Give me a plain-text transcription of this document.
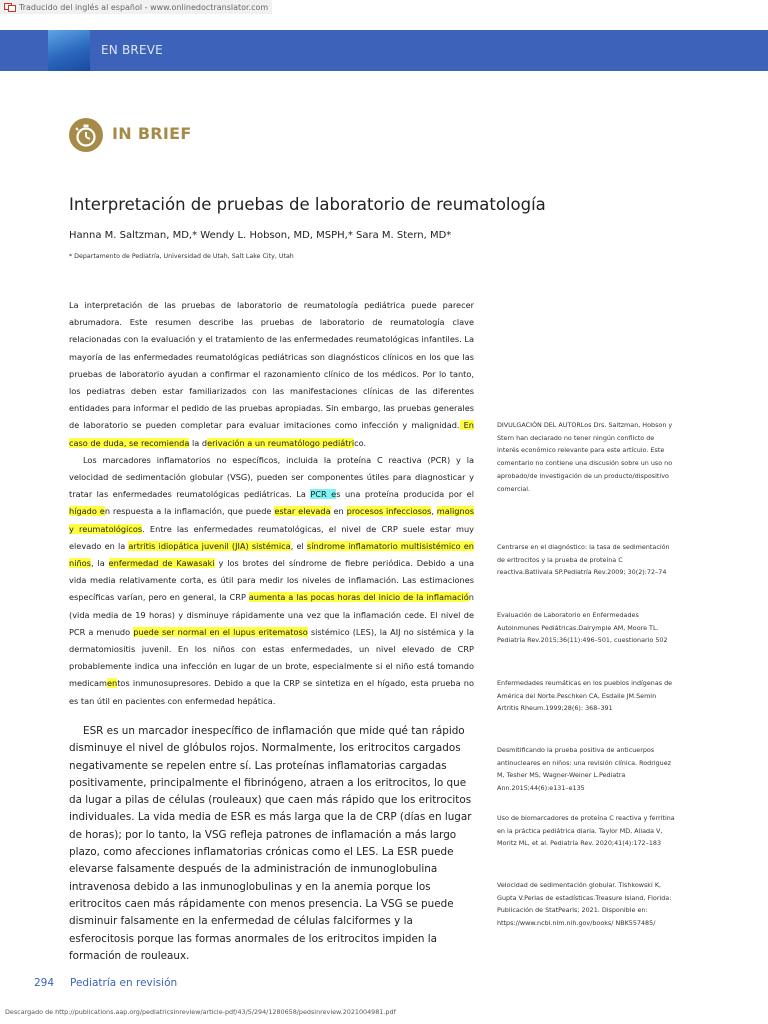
Traducido del inglés al español - www.onlinedoctranslator.com
EN BREVE
IN BRIEF
Interpretación de pruebas de laboratorio de reumatología
Hanna M. Saltzman, MD,* Wendy L. Hobson, MD, MSPH,* Sara M. Stern, MD*
* Departamento de Pediatría, Universidad de Utah, Salt Lake City, Utah

La interpretación de las pruebas de laboratorio de reumatología pediátrica puede parecer abrumadora. Este resumen describe las pruebas de laboratorio de reumatología clave relacionadas con la evaluación y el tratamiento de las enfermedades reumatológicas infantiles. La mayoría de las enfermedades reumatológicas pediátricas son diagnósticos clínicos en los que las pruebas de laboratorio ayudan a confirmar el razonamiento clínico de los médicos. Por lo tanto, los pediatras deben estar familiarizados con las manifestaciones clínicas de las diferentes entidades para informar el pedido de las pruebas apropiadas. Sin embargo, las pruebas generales de laboratorio se pueden completar para evaluar imitaciones como infección y malignidad. En caso de duda, se recomienda la derivación a un reumatólogo pediátrico.

Los marcadores inflamatorios no específicos, incluida la proteína C reactiva (PCR) y la velocidad de sedimentación globular (VSG), pueden ser componentes útiles para diagnosticar y tratar las enfermedades reumatológicas pediátricas. La PCR es una proteína producida por el hígado en respuesta a la inflamación, que puede estar elevada en procesos infecciosos, malignos y reumatológicos. Entre las enfermedades reumatológicas, el nivel de CRP suele estar muy elevado en la artritis idiopática juvenil (JIA) sistémica, el síndrome inflamatorio multisistémico en niños, la enfermedad de Kawasaki y los brotes del síndrome de fiebre periódica. Debido a una vida media relativamente corta, es útil para medir los niveles de inflamación. Las estimaciones específicas varían, pero en general, la CRP aumenta a las pocas horas del inicio de la inflamación (vida media de 19 horas) y disminuye rápidamente una vez que la inflamación cede. El nivel de PCR a menudo puede ser normal en el lupus eritematoso sistémico (LES), la AIJ no sistémica y la dermatomiositis juvenil. En los niños con estas enfermedades, un nivel elevado de CRP probablemente indica una infección en lugar de un brote, especialmente si el niño está tomando medicamentos inmunosupresores. Debido a que la CRP se sintetiza en el hígado, esta prueba no es tan útil en pacientes con enfermedad hepática.

ESR es un marcador inespecífico de inflamación que mide qué tan rápido disminuye el nivel de glóbulos rojos. Normalmente, los eritrocitos cargados negativamente se repelen entre sí. Las proteínas inflamatorias cargadas positivamente, principalmente el fibrinógeno, atraen a los eritrocitos, lo que da lugar a pilas de células (rouleaux) que caen más rápido que los eritrocitos individuales. La vida media de ESR es más larga que la de CRP (días en lugar de horas); por lo tanto, la VSG refleja patrones de inflamación a más largo plazo, como afecciones inflamatorias crónicas como el LES. La ESR puede elevarse falsamente después de la administración de inmunoglobulina intravenosa debido a las inmunoglobulinas y en la anemia porque los eritrocitos caen más rápidamente con menos presencia. La VSG se puede disminuir falsamente en la enfermedad de células falciformes y la esferocitosis porque las formas anormales de los eritrocitos impiden la formación de rouleaux.

DIVULGACIÓN DEL AUTORLos Drs. Saltzman, Hobson y Stern han declarado no tener ningún conflicto de interés económico relevante para este artículo. Este comentario no contiene una discusión sobre un uso no aprobado/de investigación de un producto/dispositivo comercial.
Centrarse en el diagnóstico: la tasa de sedimentación de eritrocitos y la prueba de proteína C reactiva.Batlivala SP.Pediatría Rev.2009; 30(2):72–74
Evaluación de Laboratorio en Enfermedades Autoinmunes Pediátricas.Dalrymple AM, Moore TL. Pediatría Rev.2015;36(11):496–501, cuestionario 502
Enfermedades reumáticas en los pueblos indígenas de América del Norte.Peschken CA, Esdaile JM.Semin Artritis Rheum.1999;28(6): 368–391
Desmitificando la prueba positiva de anticuerpos antinucleares en niños: una revisión clínica. Rodriguez M, Tesher MS, Wagner-Weiner L.Pediatra Ann.2015;44(6):e131–e135
Uso de biomarcadores de proteína C reactiva y ferritina en la práctica pediátrica diaria. Taylor MD, Allada V, Moritz ML, et al. Pediatría Rev. 2020;41(4):172–183
Velocidad de sedimentación globular. Tishkowski K, Gupta V.Perlas de estadísticas.Treasure Island, Florida: Publicación de StatPearls; 2021. Disponible en: https://www.ncbi.nlm.nih.gov/books/ NBK557485/
294 Pediatría en revisión
Descargado de http://publications.aap.org/pediatricsinreview/article-pdf/43/5/294/1280658/pedsinreview.2021004981.pdf
